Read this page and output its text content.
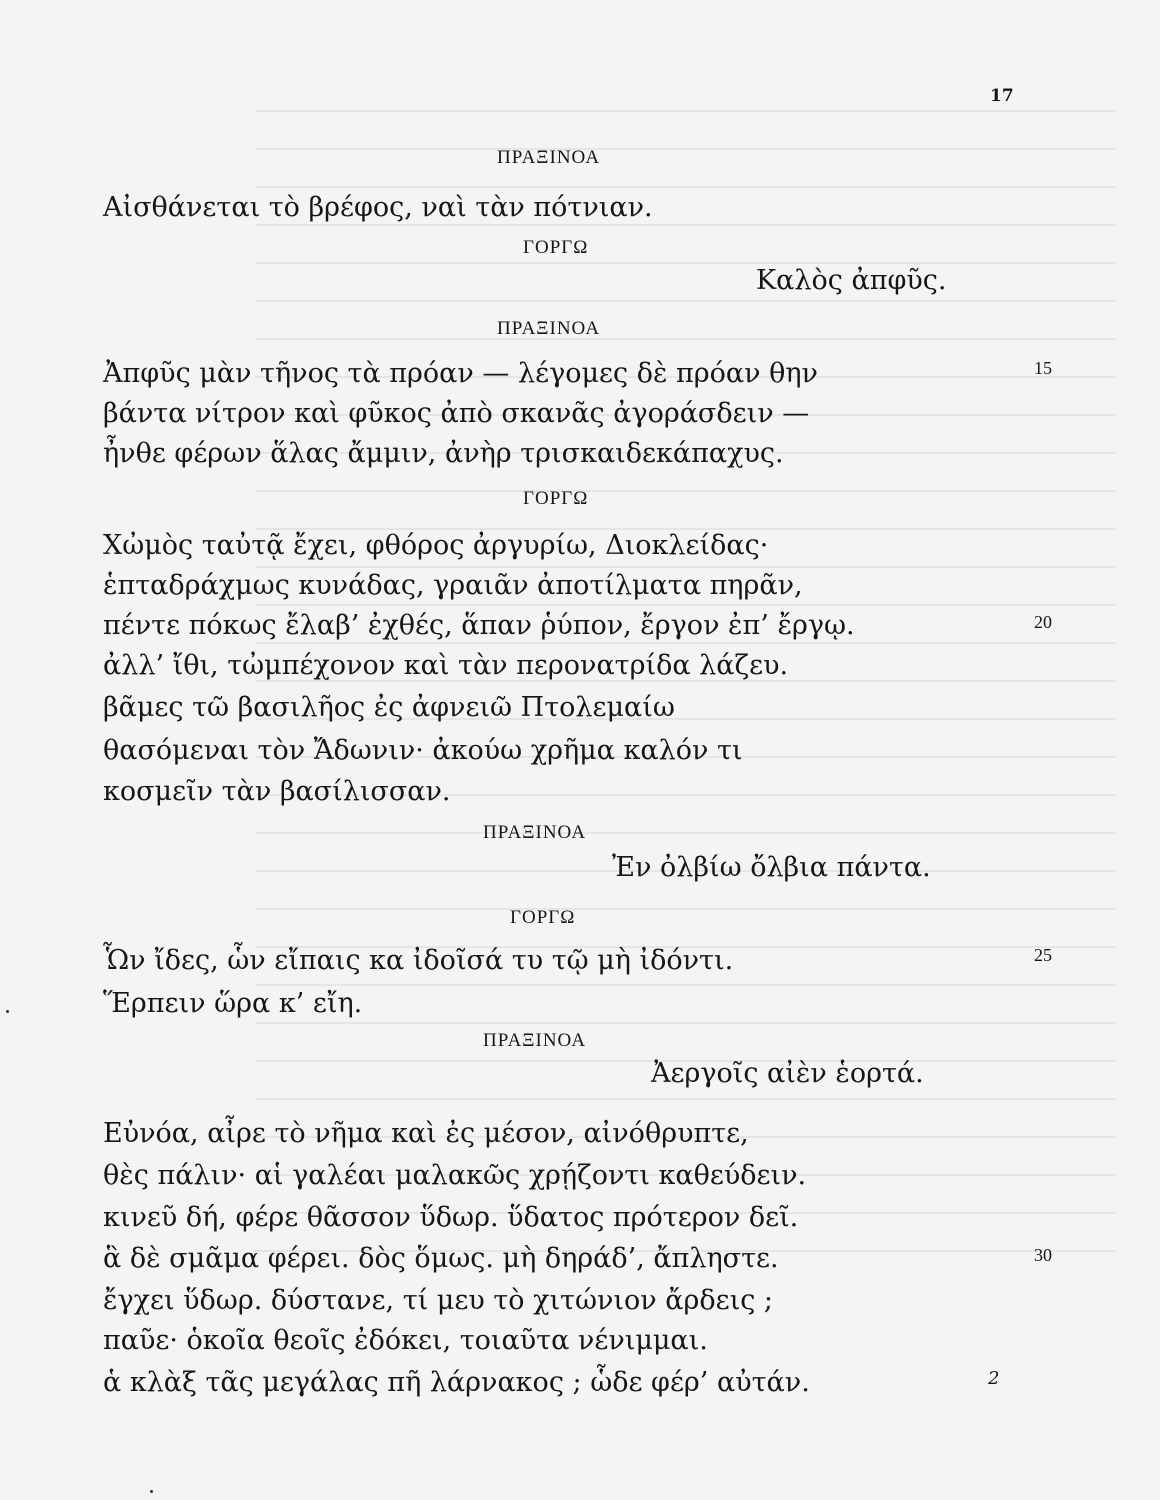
17
ΠΡΑΞΙΝΟΑ
Αἰσθάνεται τὸ βρέφος, ναὶ τὰν πότνιαν.
ΓΟΡΓΩ
Καλὸς ἀπφῦς.
ΠΡΑΞΙΝΟΑ
Ἀπφῦς μὰν τῆνος τὰ πρόαν — λέγομες δὲ πρόαν θην	15
βάντα νίτρον καὶ φῦκος ἀπὸ σκανᾶς ἀγοράσδειν —
ἦνθε φέρων ἅλας ἄμμιν, ἀνὴρ τρισκαιδεκάπαχυς.
ΓΟΡΓΩ
Χὠμὸς ταὐτᾷ ἔχει, φθόρος ἀργυρίω, Διοκλείδας·
ἑπταδράχμως κυνάδας, γραιᾶν ἀποτίλματα πηρᾶν,
πέντε πόκως ἔλαβ’ ἐχθές, ἅπαν ῥύπον, ἔργον ἐπ’ ἔργῳ.	20
ἀλλ’ ἴθι, τὠμπέχονον καὶ τὰν περονατρίδα λάζευ.
βᾶμες τῶ βασιλῆος ἐς ἀφνειῶ Πτολεμαίω
θασόμεναι τὸν Ἄδωνιν· ἀκούω χρῆμα καλόν τι
κοσμεῖν τὰν βασίλισσαν.
ΠΡΑΞΙΝΟΑ
Ἐν ὀλβίω ὄλβια πάντα.
ΓΟΡΓΩ
Ὧν ἴδες, ὧν εἴπαις κα ἰδοῖσά τυ τῷ μὴ ἰδόντι.	25
Ἕρπειν ὥρα κ’ εἴη.
ΠΡΑΞΙΝΟΑ
Ἀεργοῖς αἰὲν ἑορτά.
Εὐνόα, αἶρε τὸ νῆμα καὶ ἐς μέσον, αἰνόθρυπτε,
θὲς πάλιν· αἱ γαλέαι μαλακῶς χρῄζοντι καθεύδειν.
κινεῦ δή, φέρε θᾶσσον ὕδωρ. ὕδατος πρότερον δεῖ.
ἃ δὲ σμᾶμα φέρει. δὸς ὅμως. μὴ δηράδ’, ἄπληστε.	30
ἔγχει ὕδωρ. δύστανε, τί μευ τὸ χιτώνιον ἄρδεις ;
παῦε· ὁκοῖα θεοῖς ἐδόκει, τοιαῦτα νένιμμαι.
ἁ κλὰξ τᾶς μεγάλας πῆ λάρνακος ; ὧδε φέρ’ αὐτάν.	2
